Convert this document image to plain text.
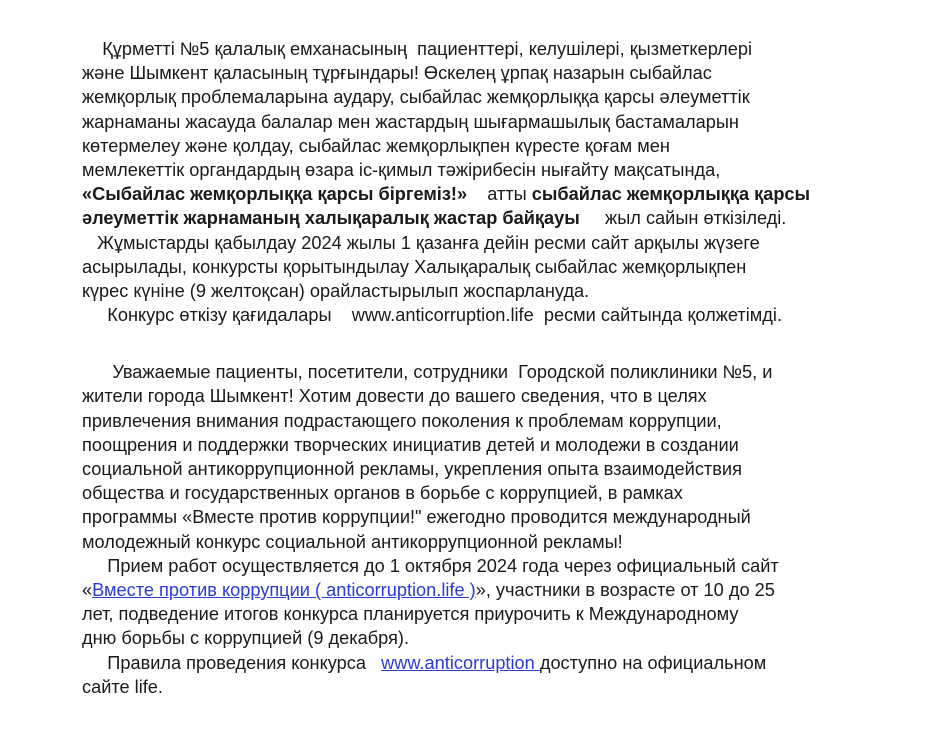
Құрметті №5 қалалық емханасының  пациенттері, келушілері, қызметкерлері
және Шымкент қаласының тұрғындары! Өскелең ұрпақ назарын сыбайлас
жемқорлық проблемаларына аудару, сыбайлас жемқорлыққа қарсы әлеуметтік
жарнаманы жасауда балалар мен жастардың шығармашылық бастамаларын
көтермелеу және қолдау, сыбайлас жемқорлықпен күресте қоғам мен
мемлекеттік органдардың өзара іс-қимыл тәжірибесін нығайту мақсатында,
«Сыбайлас жемқорлыққа қарсы біргеміз!»    атты сыбайлас жемқорлыққа қарсы
әлеуметтік жарнаманың халықаралық жастар байқауы     жыл сайын өткізіледі.
Жұмыстарды қабылдау 2024 жылы 1 қазанға дейін ресми сайт арқылы жүзеге
асырылады, конкурсты қорытындылау Халықаралық сыбайлас жемқорлықпен
күрес күніне (9 желтоқсан) орайластырылып жоспарлануда.
Конкурс өткізу қағидалары    www.anticorruption.life  ресми сайтында қолжетімді.
Уважаемые пациенты, посетители, сотрудники  Городской поликлиники №5, и
жители города Шымкент! Хотим довести до вашего сведения, что в целях
привлечения внимания подрастающего поколения к проблемам коррупции,
поощрения и поддержки творческих инициатив детей и молодежи в создании
социальной антикоррупционной рекламы, укрепления опыта взаимодействия
общества и государственных органов в борьбе с коррупцией, в рамках
программы «Вместе против коррупции!" ежегодно проводится международный
молодежный конкурс социальной антикоррупционной рекламы!
Прием работ осуществляется до 1 октября 2024 года через официальный сайт
«Вместе против коррупции ( anticorruption.life )», участники в возрасте от 10 до 25
лет, подведение итогов конкурса планируется приурочить к Международному
дню борьбы с коррупцией (9 декабря).
Правила проведения конкурса   www.anticorruption доступно на официальном
сайте life.
